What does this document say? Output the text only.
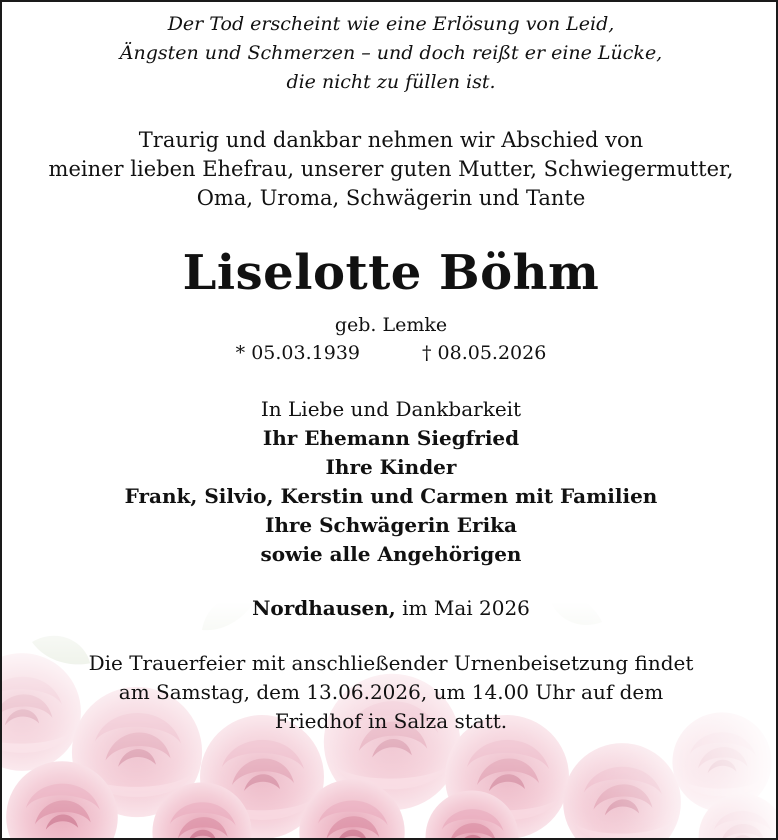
Der Tod erscheint wie eine Erlösung von Leid,
Ängsten und Schmerzen – und doch reißt er eine Lücke,
die nicht zu füllen ist.
Traurig und dankbar nehmen wir Abschied von
meiner lieben Ehefrau, unserer guten Mutter, Schwiegermutter,
Oma, Uroma, Schwägerin und Tante
Liselotte Böhm
geb. Lemke
* 05.03.1939	† 08.05.2026
In Liebe und Dankbarkeit
Ihr Ehemann Siegfried
Ihre Kinder
Frank, Silvio, Kerstin und Carmen mit Familien
Ihre Schwägerin Erika
sowie alle Angehörigen
Nordhausen, im Mai 2026
Die Trauerfeier mit anschließender Urnenbeisetzung findet
am Samstag, dem 13.06.2026, um 14.00 Uhr auf dem
Friedhof in Salza statt.
